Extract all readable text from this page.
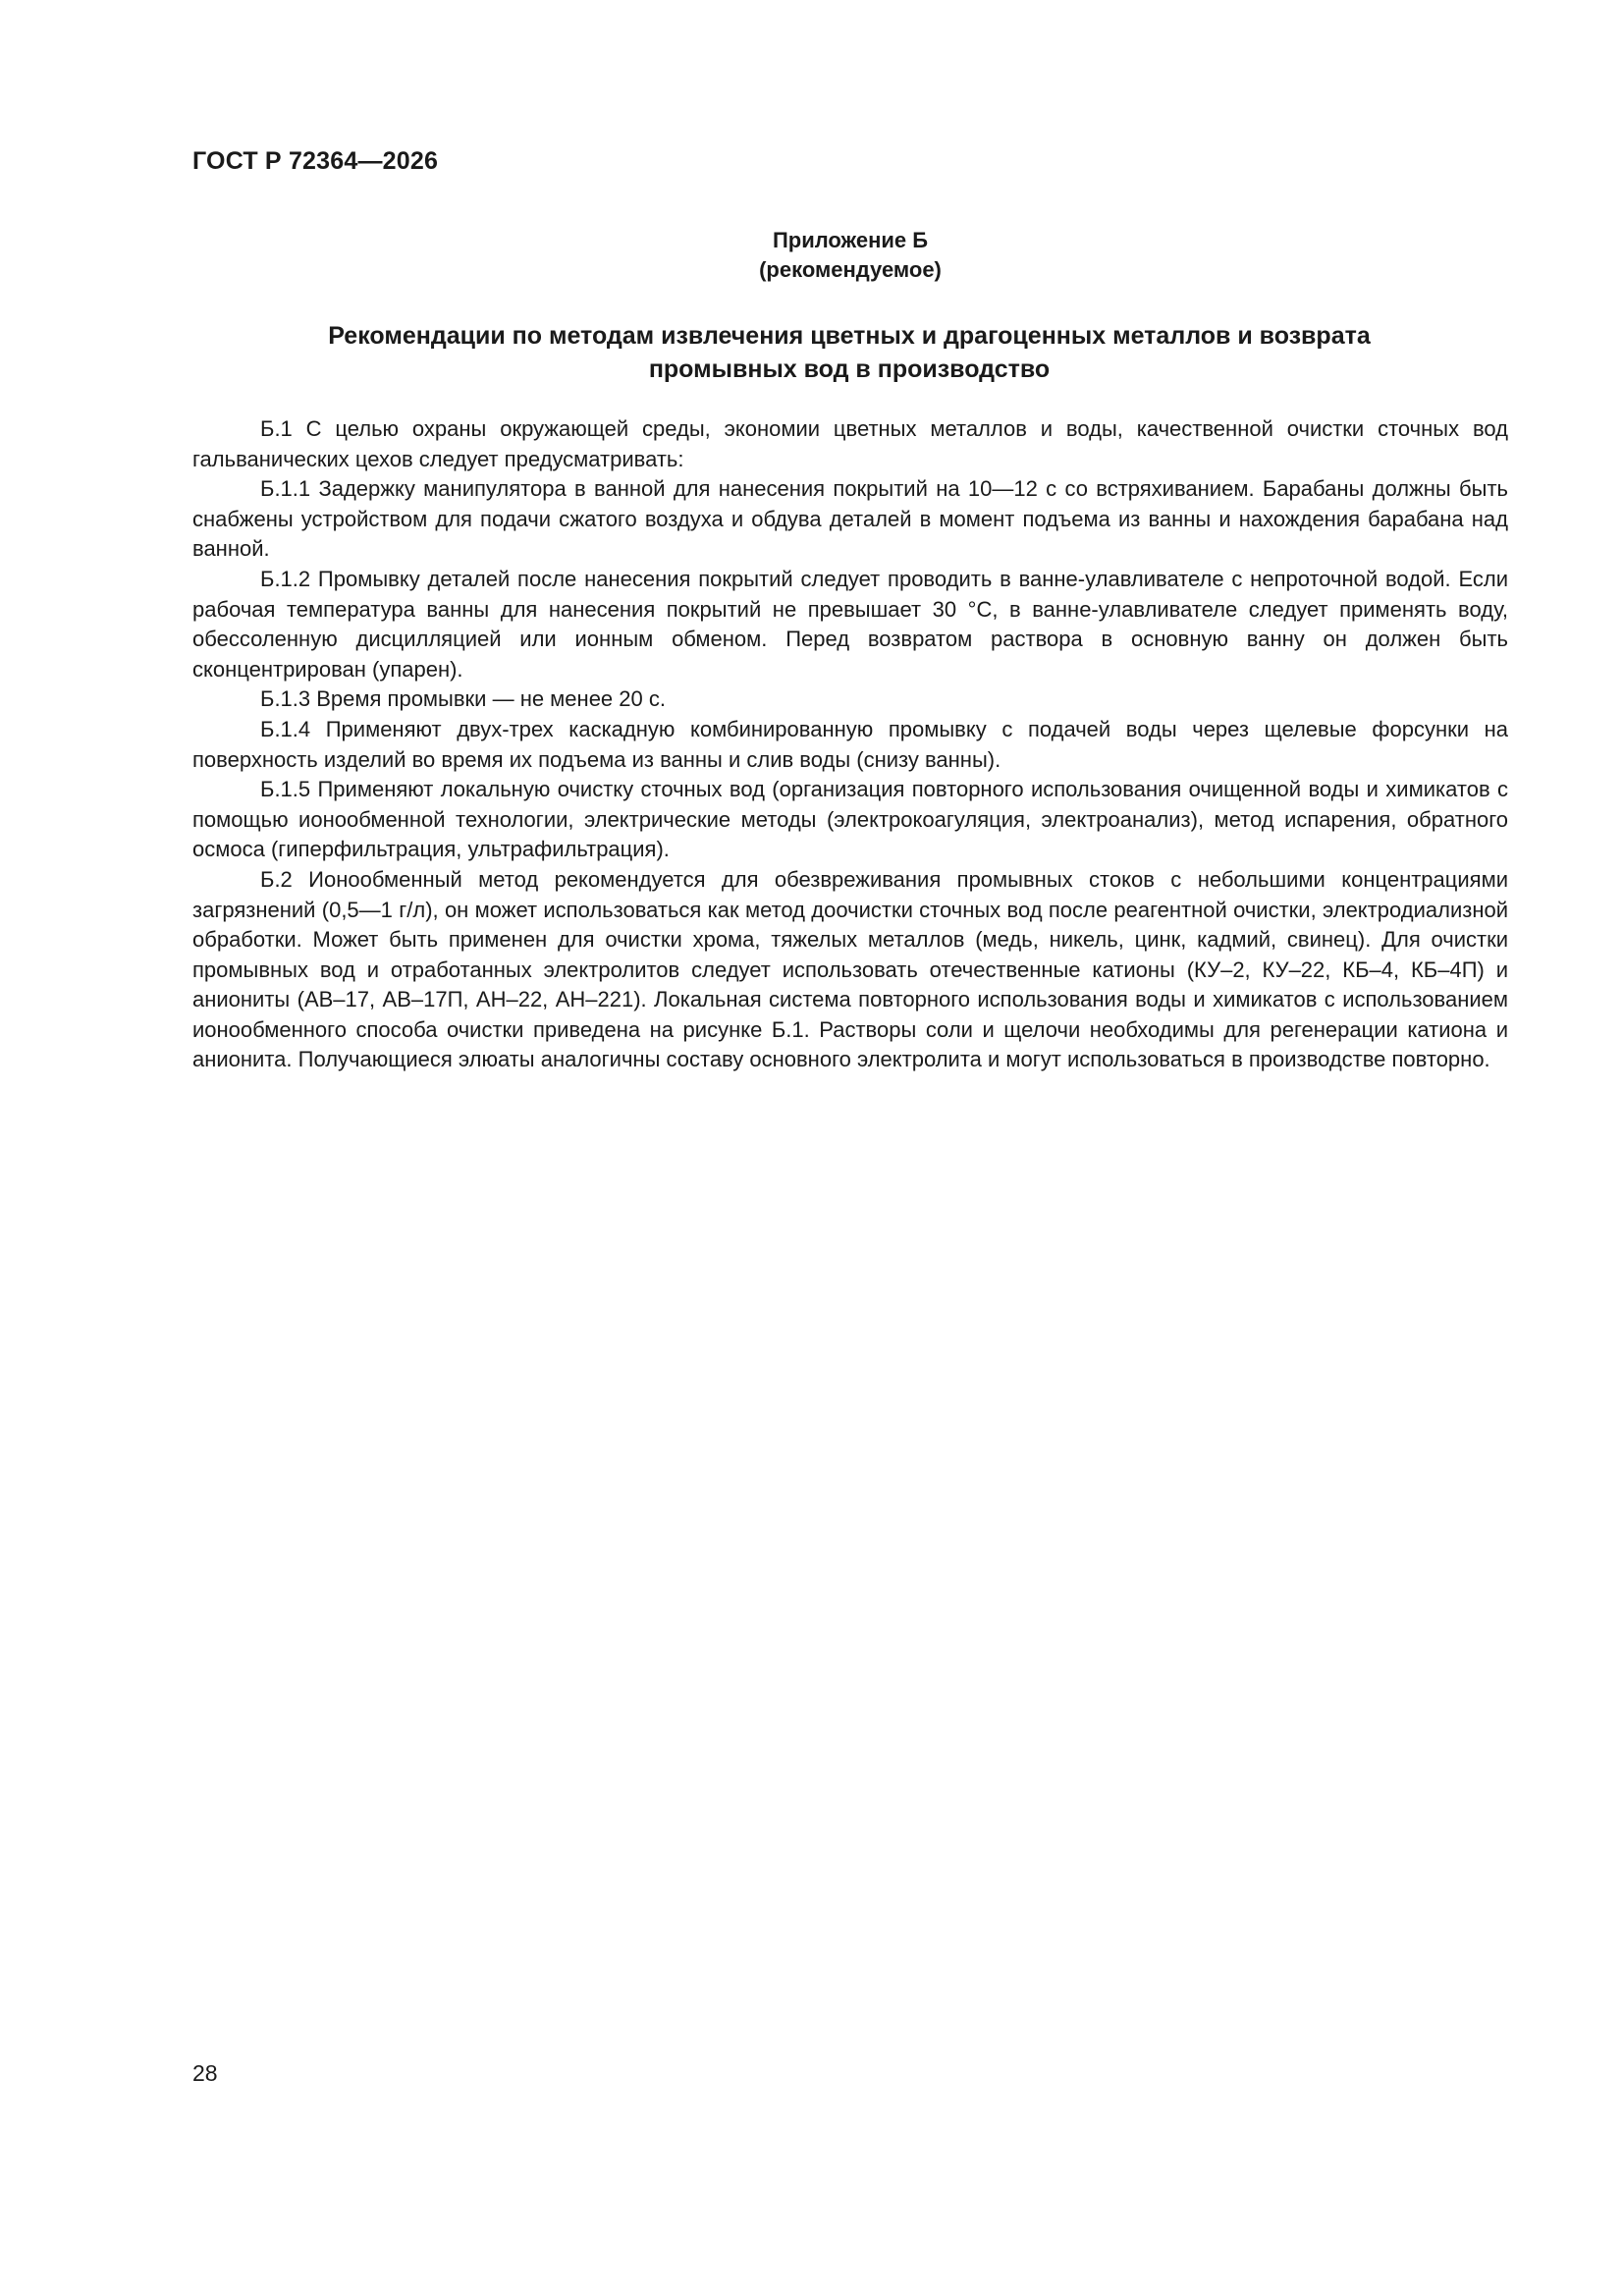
ГОСТ Р 72364—2026
Приложение Б
(рекомендуемое)
Рекомендации по методам извлечения цветных и драгоценных металлов и возврата
промывных вод в производство

Б.1 С целью охраны окружающей среды, экономии цветных металлов и воды, качественной очистки сточных вод гальванических цехов следует предусматривать:

Б.1.1 Задержку манипулятора в ванной для нанесения покрытий на 10—12 с со встряхиванием. Барабаны должны быть снабжены устройством для подачи сжатого воздуха и обдува деталей в момент подъема из ванны и нахождения барабана над ванной.

Б.1.2 Промывку деталей после нанесения покрытий следует проводить в ванне-улавливателе с непроточной водой. Если рабочая температура ванны для нанесения покрытий не превышает 30 °C, в ванне-улавливателе следует применять воду, обессоленную дисцилляцией или ионным обменом. Перед возвратом раствора в основную ванну он должен быть сконцентрирован (упарен).

Б.1.3 Время промывки — не менее 20 с.

Б.1.4 Применяют двух-трех каскадную комбинированную промывку с подачей воды через щелевые форсунки на поверхность изделий во время их подъема из ванны и слив воды (снизу ванны).

Б.1.5 Применяют локальную очистку сточных вод (организация повторного использования очищенной воды и химикатов с помощью ионообменной технологии, электрические методы (электрокоагуляция, электроанализ), метод испарения, обратного осмоса (гиперфильтрация, ультрафильтрация).

Б.2 Ионообменный метод рекомендуется для обезвреживания промывных стоков с небольшими концентрациями загрязнений (0,5—1 г/л), он может использоваться как метод доочистки сточных вод после реагентной очистки, электродиализной обработки. Может быть применен для очистки хрома, тяжелых металлов (медь, никель, цинк, кадмий, свинец). Для очистки промывных вод и отработанных электролитов следует использовать отечественные катионы (КУ–2, КУ–22, КБ–4, КБ–4П) и аниониты (АВ–17, АВ–17П, АН–22, АН–221). Локальная система повторного использования воды и химикатов с использованием ионообменного способа очистки приведена на рисунке Б.1. Растворы соли и щелочи необходимы для регенерации катиона и анионита. Получающиеся элюаты аналогичны составу основного электролита и могут использоваться в производстве повторно.

28
